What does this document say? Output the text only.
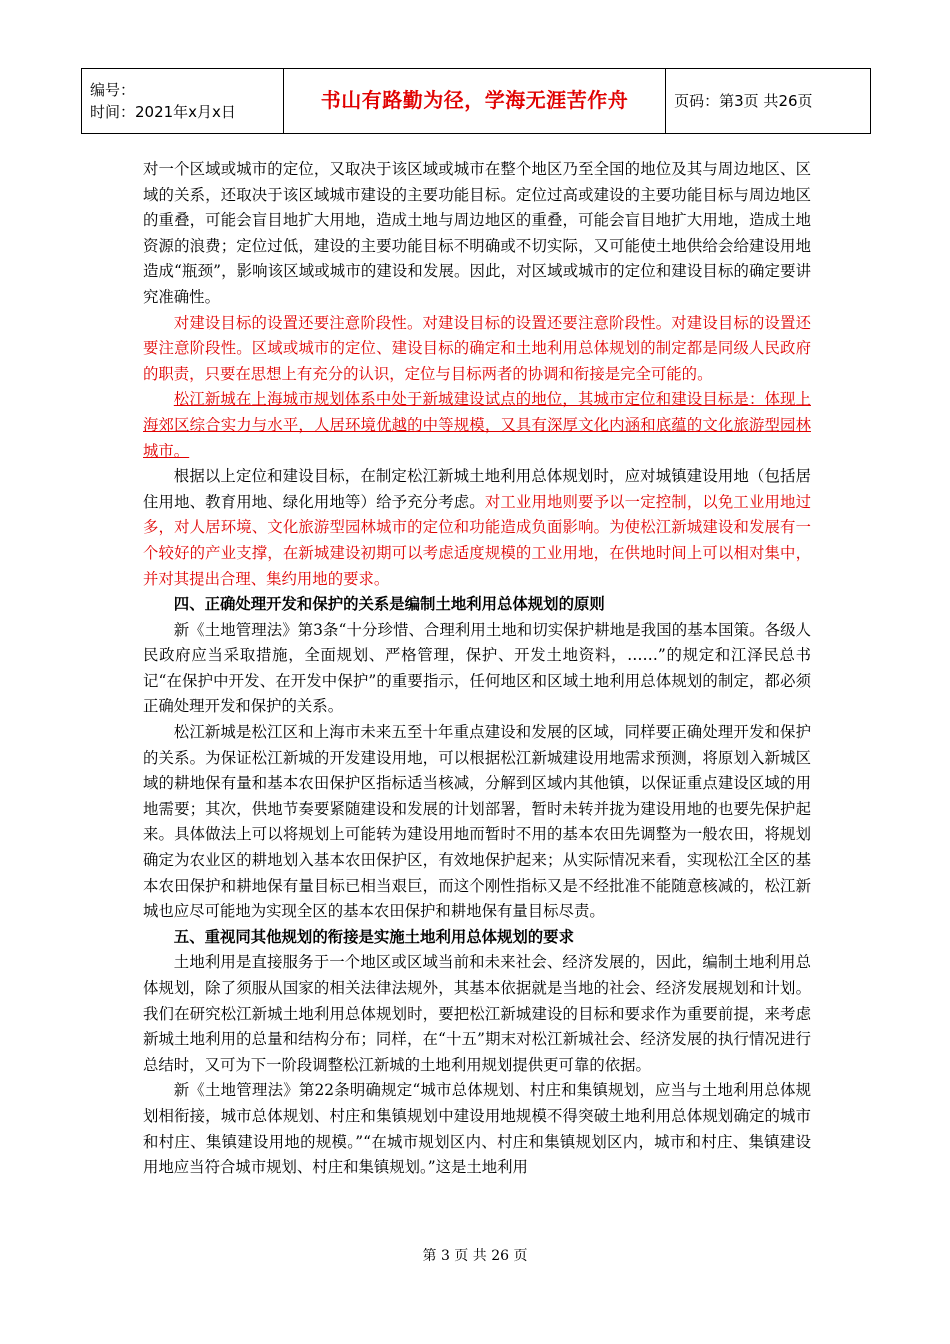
编号：
时间：2021年x月x日	书山有路勤为径，学海无涯苦作舟	页码：第3页 共26页

对一个区域或城市的定位，又取决于该区域或城市在整个地区乃至全国的地位及其与周边地区、区域的关系，还取决于该区域城市建设的主要功能目标。定位过高或建设的主要功能目标与周边地区的重叠，可能会盲目地扩大用地，造成土地与周边地区的重叠，可能会盲目地扩大用地，造成土地资源的浪费；定位过低，建设的主要功能目标不明确或不切实际，又可能使土地供给会给建设用地造成“瓶颈”，影响该区域或城市的建设和发展。因此，对区域或城市的定位和建设目标的确定要讲究准确性。

对建设目标的设置还要注意阶段性。对建设目标的设置还要注意阶段性。对建设目标的设置还要注意阶段性。区域或城市的定位、建设目标的确定和土地利用总体规划的制定都是同级人民政府的职责，只要在思想上有充分的认识，定位与目标两者的协调和衔接是完全可能的。

松江新城在上海城市规划体系中处于新城建设试点的地位，其城市定位和建设目标是：体现上海郊区综合实力与水平，人居环境优越的中等规模，又具有深厚文化内涵和底蕴的文化旅游型园林城市。

根据以上定位和建设目标，在制定松江新城土地利用总体规划时，应对城镇建设用地（包括居住用地、教育用地、绿化用地等）给予充分考虑。对工业用地则要予以一定控制，以免工业用地过多，对人居环境、文化旅游型园林城市的定位和功能造成负面影响。为使松江新城建设和发展有一个较好的产业支撑，在新城建设初期可以考虑适度规模的工业用地，在供地时间上可以相对集中，并对其提出合理、集约用地的要求。

四、正确处理开发和保护的关系是编制土地利用总体规划的原则

新《土地管理法》第3条“十分珍惜、合理利用土地和切实保护耕地是我国的基本国策。各级人民政府应当采取措施，全面规划、严格管理，保护、开发土地资料，……”的规定和江泽民总书记“在保护中开发、在开发中保护”的重要指示，任何地区和区域土地利用总体规划的制定，都必须正确处理开发和保护的关系。

松江新城是松江区和上海市未来五至十年重点建设和发展的区域，同样要正确处理开发和保护的关系。为保证松江新城的开发建设用地，可以根据松江新城建设用地需求预测，将原划入新城区域的耕地保有量和基本农田保护区指标适当核减，分解到区域内其他镇，以保证重点建设区域的用地需要；其次，供地节奏要紧随建设和发展的计划部署，暂时未转并拢为建设用地的也要先保护起来。具体做法上可以将规划上可能转为建设用地而暂时不用的基本农田先调整为一般农田，将规划确定为农业区的耕地划入基本农田保护区，有效地保护起来；从实际情况来看，实现松江全区的基本农田保护和耕地保有量目标已相当艰巨，而这个刚性指标又是不经批准不能随意核减的，松江新城也应尽可能地为实现全区的基本农田保护和耕地保有量目标尽责。

五、重视同其他规划的衔接是实施土地利用总体规划的要求

土地利用是直接服务于一个地区或区域当前和未来社会、经济发展的，因此，编制土地利用总体规划，除了须服从国家的相关法律法规外，其基本依据就是当地的社会、经济发展规划和计划。我们在研究松江新城土地利用总体规划时，要把松江新城建设的目标和要求作为重要前提，来考虑新城土地利用的总量和结构分布；同样，在“十五”期末对松江新城社会、经济发展的执行情况进行总结时，又可为下一阶段调整松江新城的土地利用规划提供更可靠的依据。

新《土地管理法》第22条明确规定“城市总体规划、村庄和集镇规划，应当与土地利用总体规划相衔接，城市总体规划、村庄和集镇规划中建设用地规模不得突破土地利用总体规划确定的城市和村庄、集镇建设用地的规模。”“在城市规划区内、村庄和集镇规划区内，城市和村庄、集镇建设用地应当符合城市规划、村庄和集镇规划。”这是土地利用

第 3 页 共 26 页
